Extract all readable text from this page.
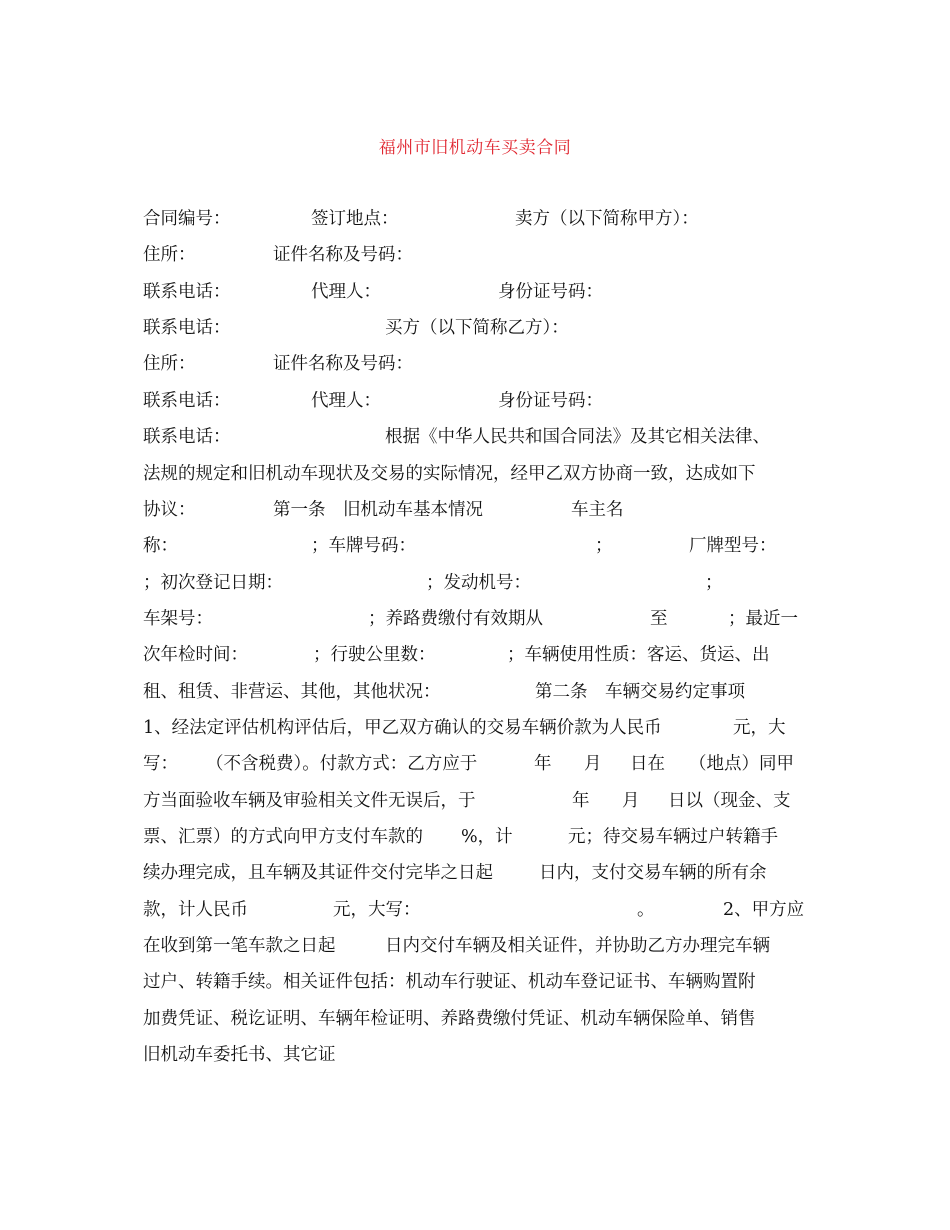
福州市旧机动车买卖合同
合同编号：	签订地点：	卖方（以下简称甲方）：
住所：	证件名称及号码：
联系电话：	代理人：	身份证号码：
联系电话：	买方（以下简称乙方）：
住所：	证件名称及号码：
联系电话：	代理人：	身份证号码：
联系电话：	根据《中华人民共和国合同法》及其它相关法律、
法规的规定和旧机动车现状及交易的实际情况，经甲乙双方协商一致，达成如下
协议：	第一条　旧机动车基本情况	车主名
称：	；车牌号码：	；	厂牌型号：
；初次登记日期：	；发动机号：	；
车架号：	；养路费缴付有效期从	至	；最近一
次年检时间：	；行驶公里数：	；车辆使用性质：客运、货运、出
租、租赁、非营运、其他，其他状况：	第二条　车辆交易约定事项
1、经法定评估机构评估后，甲乙双方确认的交易车辆价款为人民币	元，大
写： （不含税费）。付款方式：乙方应于	年 月 日在 （地点）同甲
方当面验收车辆及审验相关文件无误后，于	年 月 日以（现金、支
票、汇票）的方式向甲方支付车款的 %，计	元；待交易车辆过户转籍手
续办理完成，且车辆及其证件交付完毕之日起	日内，支付交易车辆的所有余
款，计人民币	元，大写：	。	2、甲方应
在收到第一笔车款之日起	日内交付车辆及相关证件，并协助乙方办理完车辆
过户、转籍手续。相关证件包括：机动车行驶证、机动车登记证书、车辆购置附
加费凭证、税讫证明、车辆年检证明、养路费缴付凭证、机动车辆保险单、销售
旧机动车委托书、其它证
